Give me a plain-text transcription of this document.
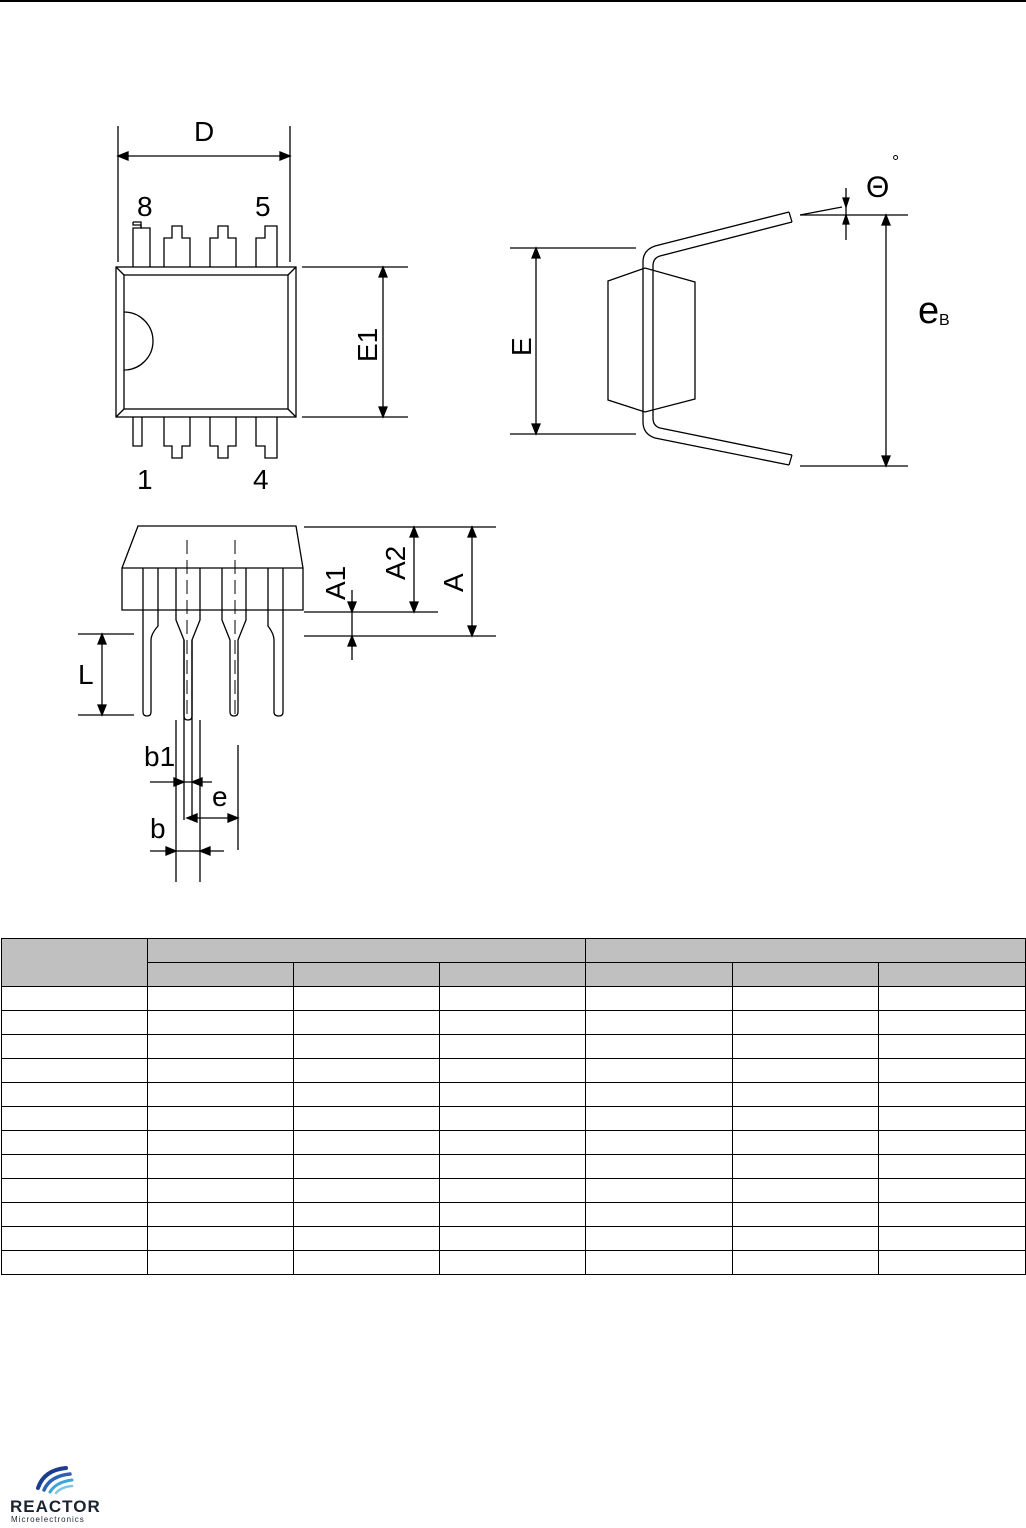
D
8	5
1	4
E1	E
Θ
°
e B
A1
A2
A
L
b1
e
b

REACTOR
Microelectronics
